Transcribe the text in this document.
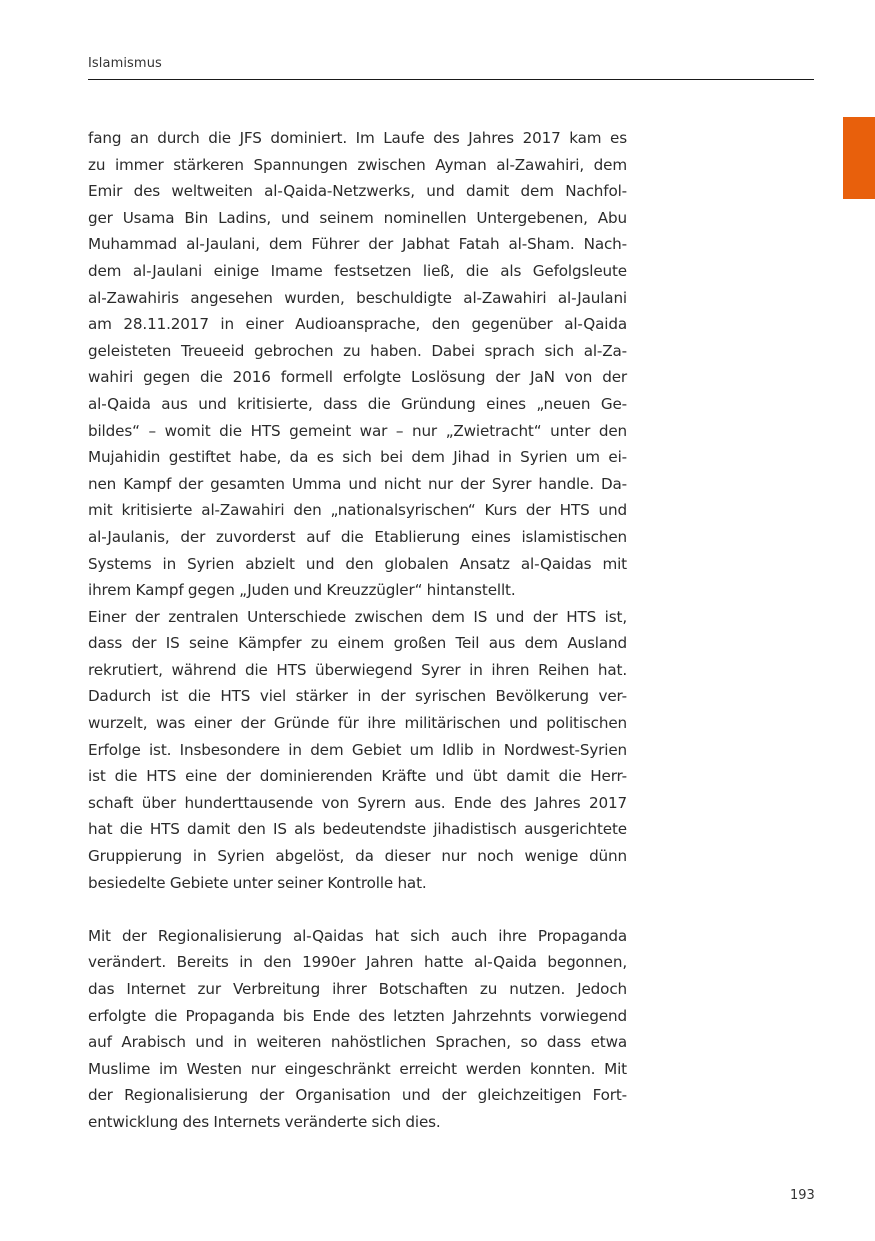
Islamismus

fang an durch die JFS dominiert. Im Laufe des Jahres 2017 kam es
zu immer stärkeren Spannungen zwischen Ayman al-Zawahiri, dem
Emir des weltweiten al-Qaida-Netzwerks, und damit dem Nachfol-
ger Usama Bin Ladins, und seinem nominellen Untergebenen, Abu
Muhammad al-Jaulani, dem Führer der Jabhat Fatah al-Sham. Nach-
dem al-Jaulani einige Imame festsetzen ließ, die als Gefolgsleute
al-Zawahiris angesehen wurden, beschuldigte al-Zawahiri al-Jaulani
am 28.11.2017 in einer Audioansprache, den gegenüber al-Qaida
geleisteten Treueeid gebrochen zu haben. Dabei sprach sich al-Za-
wahiri gegen die 2016 formell erfolgte Loslösung der JaN von der
al-Qaida aus und kritisierte, dass die Gründung eines „neuen Ge-
bildes“ – womit die HTS gemeint war – nur „Zwietracht“ unter den
Mujahidin gestiftet habe, da es sich bei dem Jihad in Syrien um ei-
nen Kampf der gesamten Umma und nicht nur der Syrer handle. Da-
mit kritisierte al-Zawahiri den „nationalsyrischen“ Kurs der HTS und
al-Jaulanis, der zuvorderst auf die Etablierung eines islamistischen
Systems in Syrien abzielt und den globalen Ansatz al-Qaidas mit
ihrem Kampf gegen „Juden und Kreuzzügler“ hintanstellt.

Einer der zentralen Unterschiede zwischen dem IS und der HTS ist,
dass der IS seine Kämpfer zu einem großen Teil aus dem Ausland
rekrutiert, während die HTS überwiegend Syrer in ihren Reihen hat.
Dadurch ist die HTS viel stärker in der syrischen Bevölkerung ver-
wurzelt, was einer der Gründe für ihre militärischen und politischen
Erfolge ist. Insbesondere in dem Gebiet um Idlib in Nordwest-Syrien
ist die HTS eine der dominierenden Kräfte und übt damit die Herr-
schaft über hunderttausende von Syrern aus. Ende des Jahres 2017
hat die HTS damit den IS als bedeutendste jihadistisch ausgerichtete
Gruppierung in Syrien abgelöst, da dieser nur noch wenige dünn
besiedelte Gebiete unter seiner Kontrolle hat.

Mit der Regionalisierung al-Qaidas hat sich auch ihre Propaganda
verändert. Bereits in den 1990er Jahren hatte al-Qaida begonnen,
das Internet zur Verbreitung ihrer Botschaften zu nutzen. Jedoch
erfolgte die Propaganda bis Ende des letzten Jahrzehnts vorwiegend
auf Arabisch und in weiteren nahöstlichen Sprachen, so dass etwa
Muslime im Westen nur eingeschränkt erreicht werden konnten. Mit
der Regionalisierung der Organisation und der gleichzeitigen Fort-
entwicklung des Internets veränderte sich dies.

193
